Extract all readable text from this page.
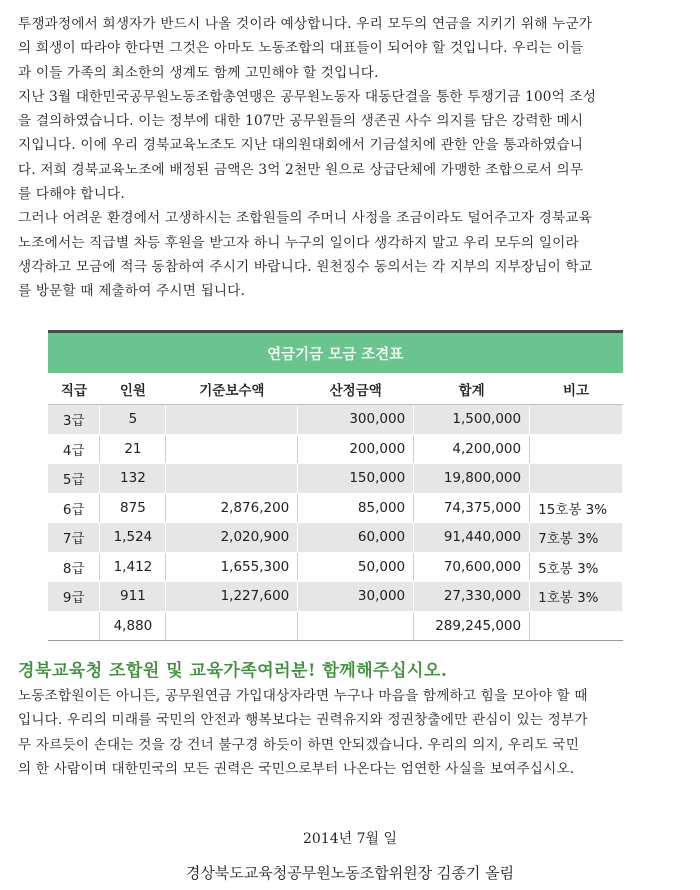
투쟁과정에서 희생자가 반드시 나올 것이라 예상합니다. 우리 모두의 연금을 지키기 위해 누군가

의 희생이 따라야 한다면 그것은 아마도 노동조합의 대표들이 되어야 할 것입니다. 우리는 이들

과 이들 가족의 최소한의 생계도 함께 고민해야 할 것입니다.

지난 3월 대한민국공무원노동조합총연맹은 공무원노동자 대동단결을 통한 투쟁기금 100억 조성

을 결의하였습니다. 이는 정부에 대한 107만 공무원들의 생존권 사수 의지를 담은 강력한 메시

지입니다. 이에 우리 경북교육노조도 지난 대의원대회에서 기금설치에 관한 안을 통과하였습니

다. 저희 경북교육노조에 배정된 금액은 3억 2천만 원으로 상급단체에 가맹한 조합으로서 의무

를 다해야 합니다.

그러나 어려운 환경에서 고생하시는 조합원들의 주머니 사정을 조금이라도 덜어주고자 경북교육

노조에서는 직급별 차등 후원을 받고자 하니 누구의 일이다 생각하지 말고 우리 모두의 일이라

생각하고 모금에 적극 동참하여 주시기 바랍니다. 원천징수 동의서는 각 지부의 지부장님이 학교

를 방문할 때 제출하여 주시면 됩니다.

연금기금 모금 조견표					
직급	인원	기준보수액	산정금액	합계	비고
3급	5		300,000	1,500,000	
4급	21		200,000	4,200,000	
5급	132		150,000	19,800,000	
6급	875	2,876,200	85,000	74,375,000	15호봉 3%
7급	1,524	2,020,900	60,000	91,440,000	7호봉 3%
8급	1,412	1,655,300	50,000	70,600,000	5호봉 3%
9급	911	1,227,600	30,000	27,330,000	1호봉 3%
	4,880			289,245,000	
경북교육청 조합원 및 교육가족여러분! 함께해주십시오.

노동조합원이든 아니든, 공무원연금 가입대상자라면 누구나 마음을 함께하고 힘을 모아야 할 때

입니다. 우리의 미래를 국민의 안전과 행복보다는 권력유지와 정권창출에만 관심이 있는 정부가

무 자르듯이 손대는 것을 강 건너 불구경 하듯이 하면 안되겠습니다. 우리의 의지, 우리도 국민

의 한 사람이며 대한민국의 모든 권력은 국민으로부터 나온다는 엄연한 사실을 보여주십시오.

2014년 7월 일
경상북도교육청공무원노동조합위원장 김종기 올림
